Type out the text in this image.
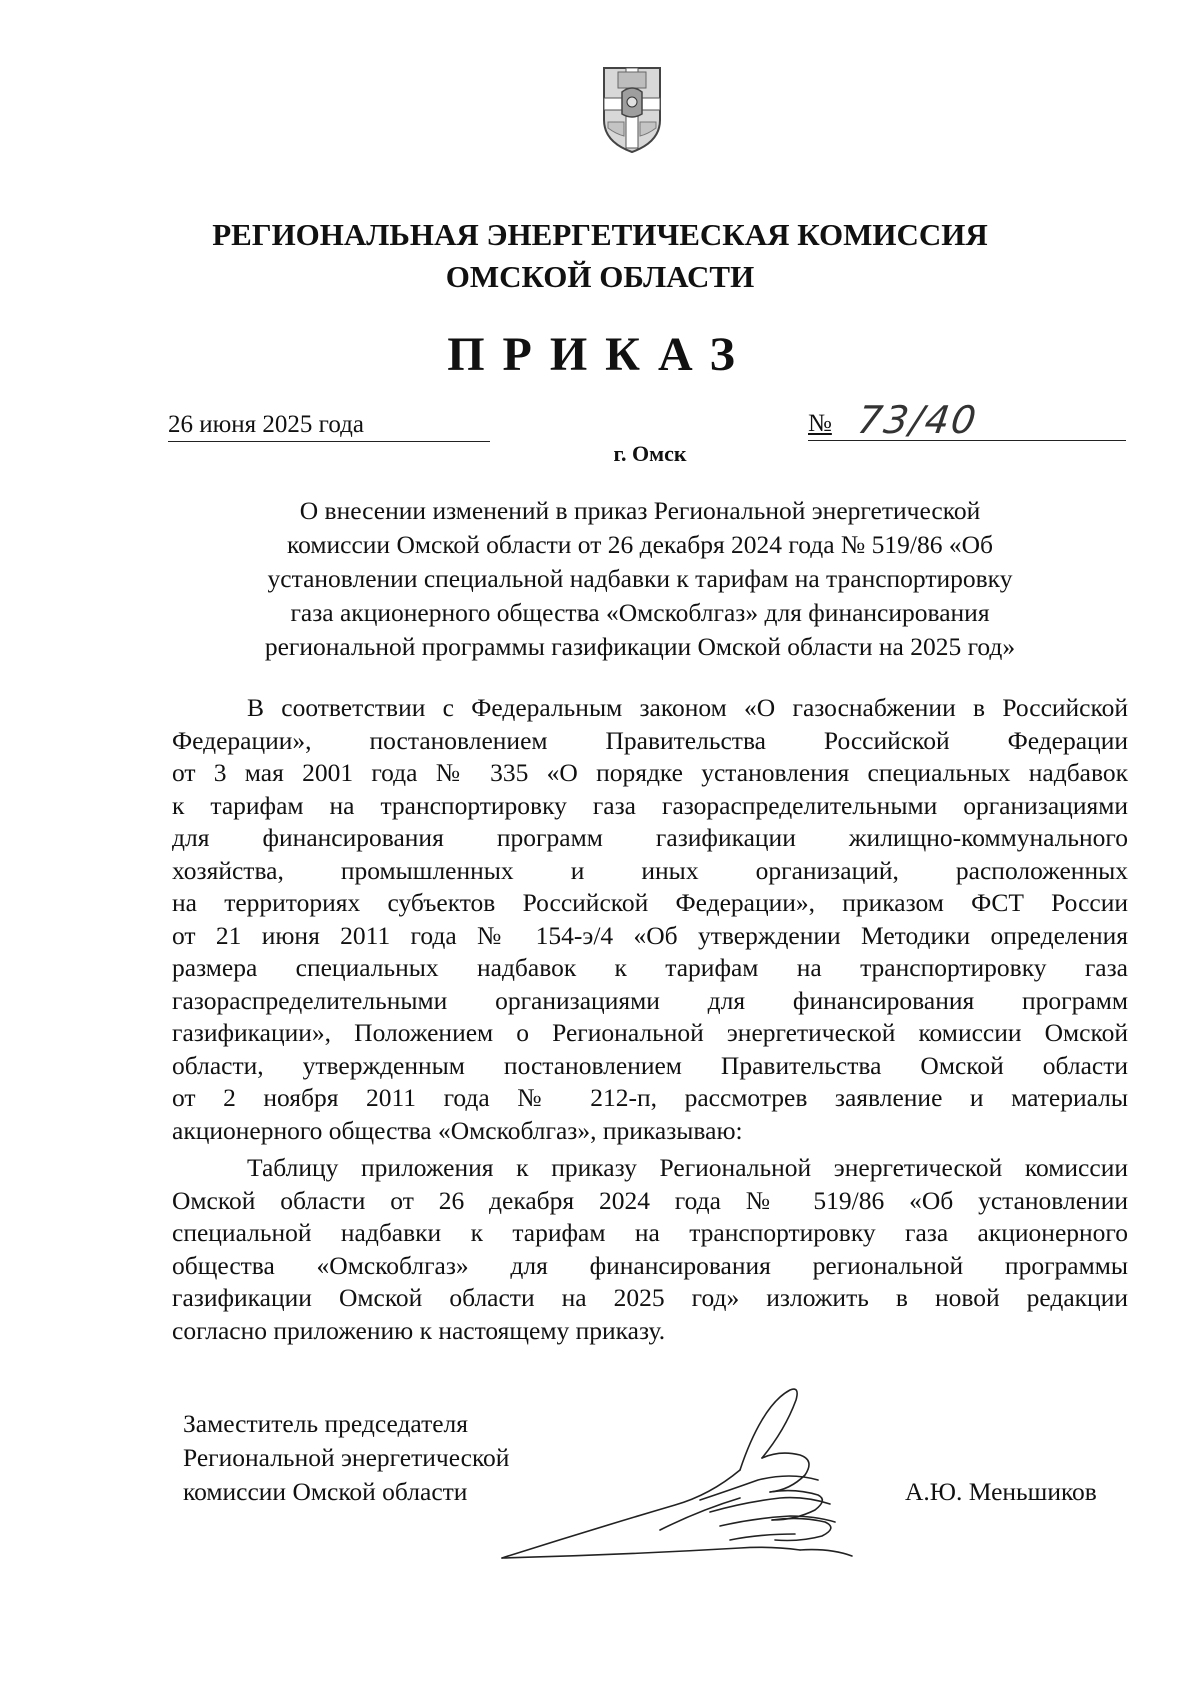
РЕГИОНАЛЬНАЯ ЭНЕРГЕТИЧЕСКАЯ КОМИССИЯ
ОМСКОЙ ОБЛАСТИ
ПРИКАЗ
26 июня 2025 года	№ 73/40
г. Омск
О внесении изменений в приказ Региональной энергетической
комиссии Омской области от 26 декабря 2024 года № 519/86 «Об
установлении специальной надбавки к тарифам на транспортировку
газа акционерного общества «Омскоблгаз» для финансирования
региональной программы газификации Омской области на 2025 год»
В соответствии с Федеральным законом «О газоснабжении в Российской
Федерации», постановлением Правительства Российской Федерации
от 3 мая 2001 года № 335 «О порядке установления специальных надбавок
к тарифам на транспортировку газа газораспределительными организациями
для финансирования программ газификации жилищно-коммунального
хозяйства, промышленных и иных организаций, расположенных
на территориях субъектов Российской Федерации», приказом ФСТ России
от 21 июня 2011 года № 154-э/4 «Об утверждении Методики определения
размера специальных надбавок к тарифам на транспортировку газа
газораспределительными организациями для финансирования программ
газификации», Положением о Региональной энергетической комиссии Омской
области, утвержденным постановлением Правительства Омской области
от 2 ноября 2011 года № 212-п, рассмотрев заявление и материалы
акционерного общества «Омскоблгаз», приказываю:
Таблицу приложения к приказу Региональной энергетической комиссии
Омской области от 26 декабря 2024 года № 519/86 «Об установлении
специальной надбавки к тарифам на транспортировку газа акционерного
общества «Омскоблгаз» для финансирования региональной программы
газификации Омской области на 2025 год» изложить в новой редакции
согласно приложению к настоящему приказу.
Заместитель председателя
Региональной энергетической
комиссии Омской области	А.Ю. Меньшиков
